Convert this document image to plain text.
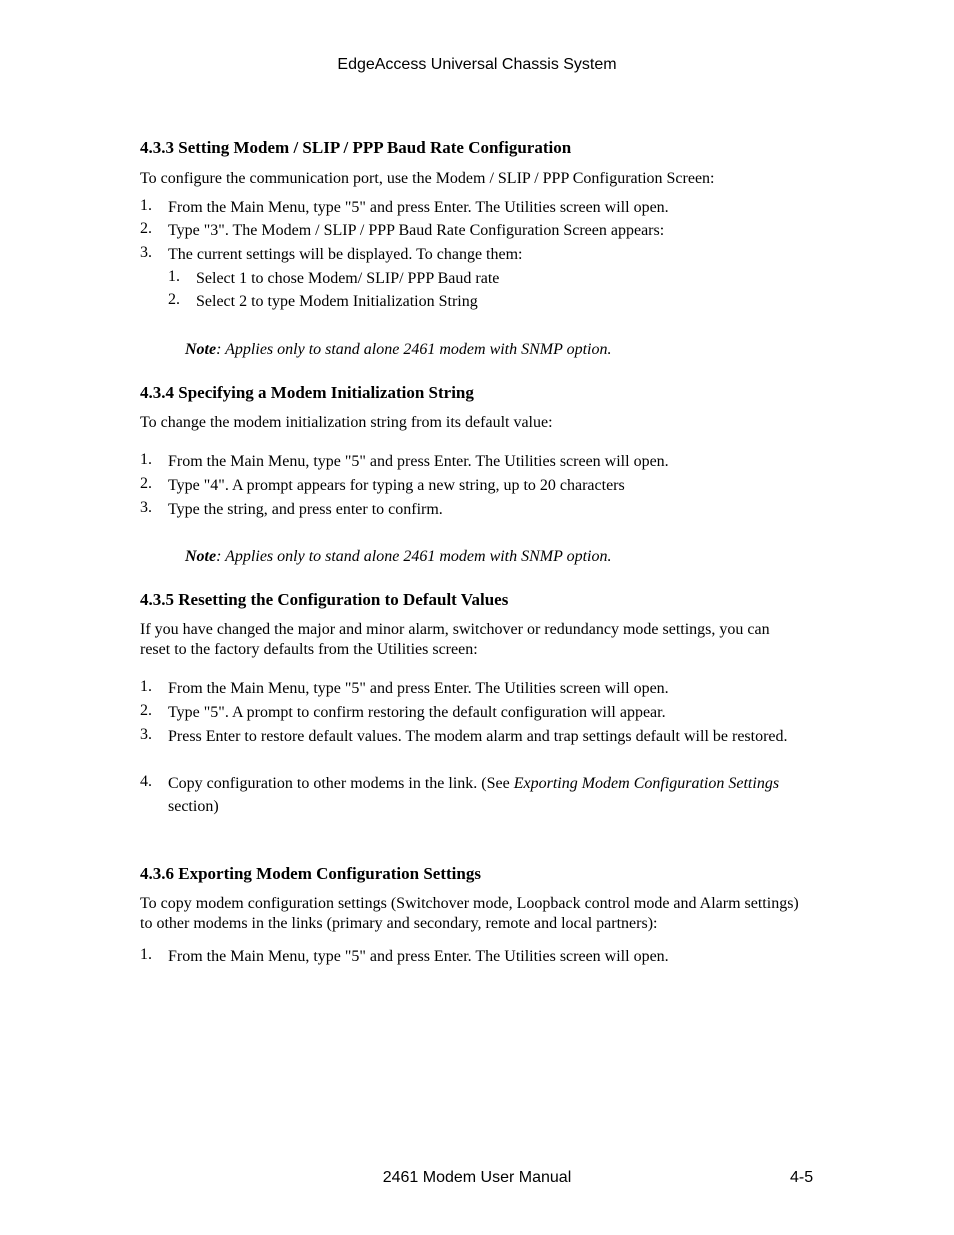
EdgeAccess Universal Chassis System
4.3.3 Setting Modem / SLIP / PPP Baud Rate Configuration

To configure the communication port, use the Modem / SLIP / PPP Configuration Screen:

1. From the Main Menu, type "5" and press Enter. The Utilities screen will open.
2. Type "3". The Modem / SLIP / PPP Baud Rate Configuration Screen appears:
3. The current settings will be displayed. To change them:
1. Select 1 to chose Modem/ SLIP/ PPP Baud rate
2. Select 2 to type Modem Initialization String
Note: Applies only to stand alone 2461 modem with SNMP option.
4.3.4 Specifying a Modem Initialization String

To change the modem initialization string from its default value:

1. From the Main Menu, type "5" and press Enter. The Utilities screen will open.
2. Type "4". A prompt appears for typing a new string, up to 20 characters
3. Type the string, and press enter to confirm.
Note: Applies only to stand alone 2461 modem with SNMP option.
4.3.5 Resetting the Configuration to Default Values

If you have changed the major and minor alarm, switchover or redundancy mode settings, you can reset to the factory defaults from the Utilities screen:

1. From the Main Menu, type "5" and press Enter. The Utilities screen will open.
2. Type "5". A prompt to confirm restoring the default configuration will appear.
3. Press Enter to restore default values. The modem alarm and trap settings default will be restored.
4. Copy configuration to other modems in the link. (See Exporting Modem Configuration Settings section)
4.3.6 Exporting Modem Configuration Settings

To copy modem configuration settings (Switchover mode, Loopback control mode and Alarm settings) to other modems in the links (primary and secondary, remote and local partners):

1. From the Main Menu, type "5" and press Enter. The Utilities screen will open.
2461 Modem User Manual	4-5
